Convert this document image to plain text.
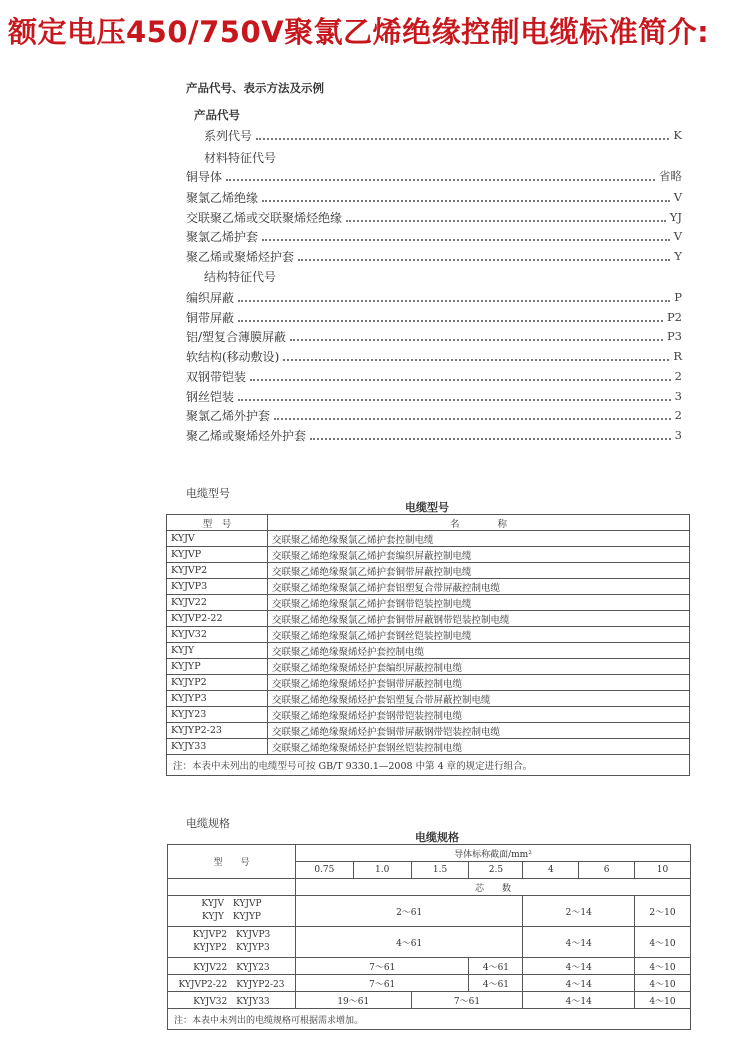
额定电压450/750V聚氯乙烯绝缘控制电缆标准简介:
产品代号、表示方法及示例
产品代号
系列代号	K
材料特征代号
铜导体	省略
聚氯乙烯绝缘	V
交联聚乙烯或交联聚烯烃绝缘	YJ
聚氯乙烯护套	V
聚乙烯或聚烯烃护套	Y
结构特征代号
编织屏蔽	P
铜带屏蔽	P2
铝/塑复合薄膜屏蔽	P3
软结构(移动敷设)	R
双钢带铠装	2
钢丝铠装	3
聚氯乙烯外护套	2
聚乙烯或聚烯烃外护套	3
电缆型号
电缆型号
型　号	名　　　　称
KYJV	交联聚乙烯绝缘聚氯乙烯护套控制电缆
KYJVP	交联聚乙烯绝缘聚氯乙烯护套编织屏蔽控制电缆
KYJVP2	交联聚乙烯绝缘聚氯乙烯护套铜带屏蔽控制电缆
KYJVP3	交联聚乙烯绝缘聚氯乙烯护套铝塑复合带屏蔽控制电缆
KYJV22	交联聚乙烯绝缘聚氯乙烯护套钢带铠装控制电缆
KYJVP2-22	交联聚乙烯绝缘聚氯乙烯护套铜带屏蔽钢带铠装控制电缆
KYJV32	交联聚乙烯绝缘聚氯乙烯护套钢丝铠装控制电缆
KYJY	交联聚乙烯绝缘聚烯烃护套控制电缆
KYJYP	交联聚乙烯绝缘聚烯烃护套编织屏蔽控制电缆
KYJYP2	交联聚乙烯绝缘聚烯烃护套铜带屏蔽控制电缆
KYJYP3	交联聚乙烯绝缘聚烯烃护套铝塑复合带屏蔽控制电缆
KYJY23	交联聚乙烯绝缘聚烯烃护套钢带铠装控制电缆
KYJYP2-23	交联聚乙烯绝缘聚烯烃护套铜带屏蔽钢带铠装控制电缆
KYJY33	交联聚乙烯绝缘聚烯烃护套钢丝铠装控制电缆
注：本表中未列出的电缆型号可按 GB/T 9330.1—2008 中第 4 章的规定进行组合。	
电缆规格
电缆规格
型　　号	导体标称截面/mm²						
	0.75	1.0	1.5	2.5	4	6	10
	芯　　数						
KYJV　KYJVP
KYJY　KYJYP	2～61				2～14		2～10
KYJVP2　KYJVP3
KYJYP2　KYJYP3	4～61				4～14		4～10
KYJV22　KYJY23	7～61			4～61	4～14		4～10
KYJVP2-22　KYJYP2-23	7～61			4～61	4～14		4～10
KYJV32　KYJY33	19～61		7～61		4～14		4～10
注：本表中未列出的电缆规格可根据需求增加。							
